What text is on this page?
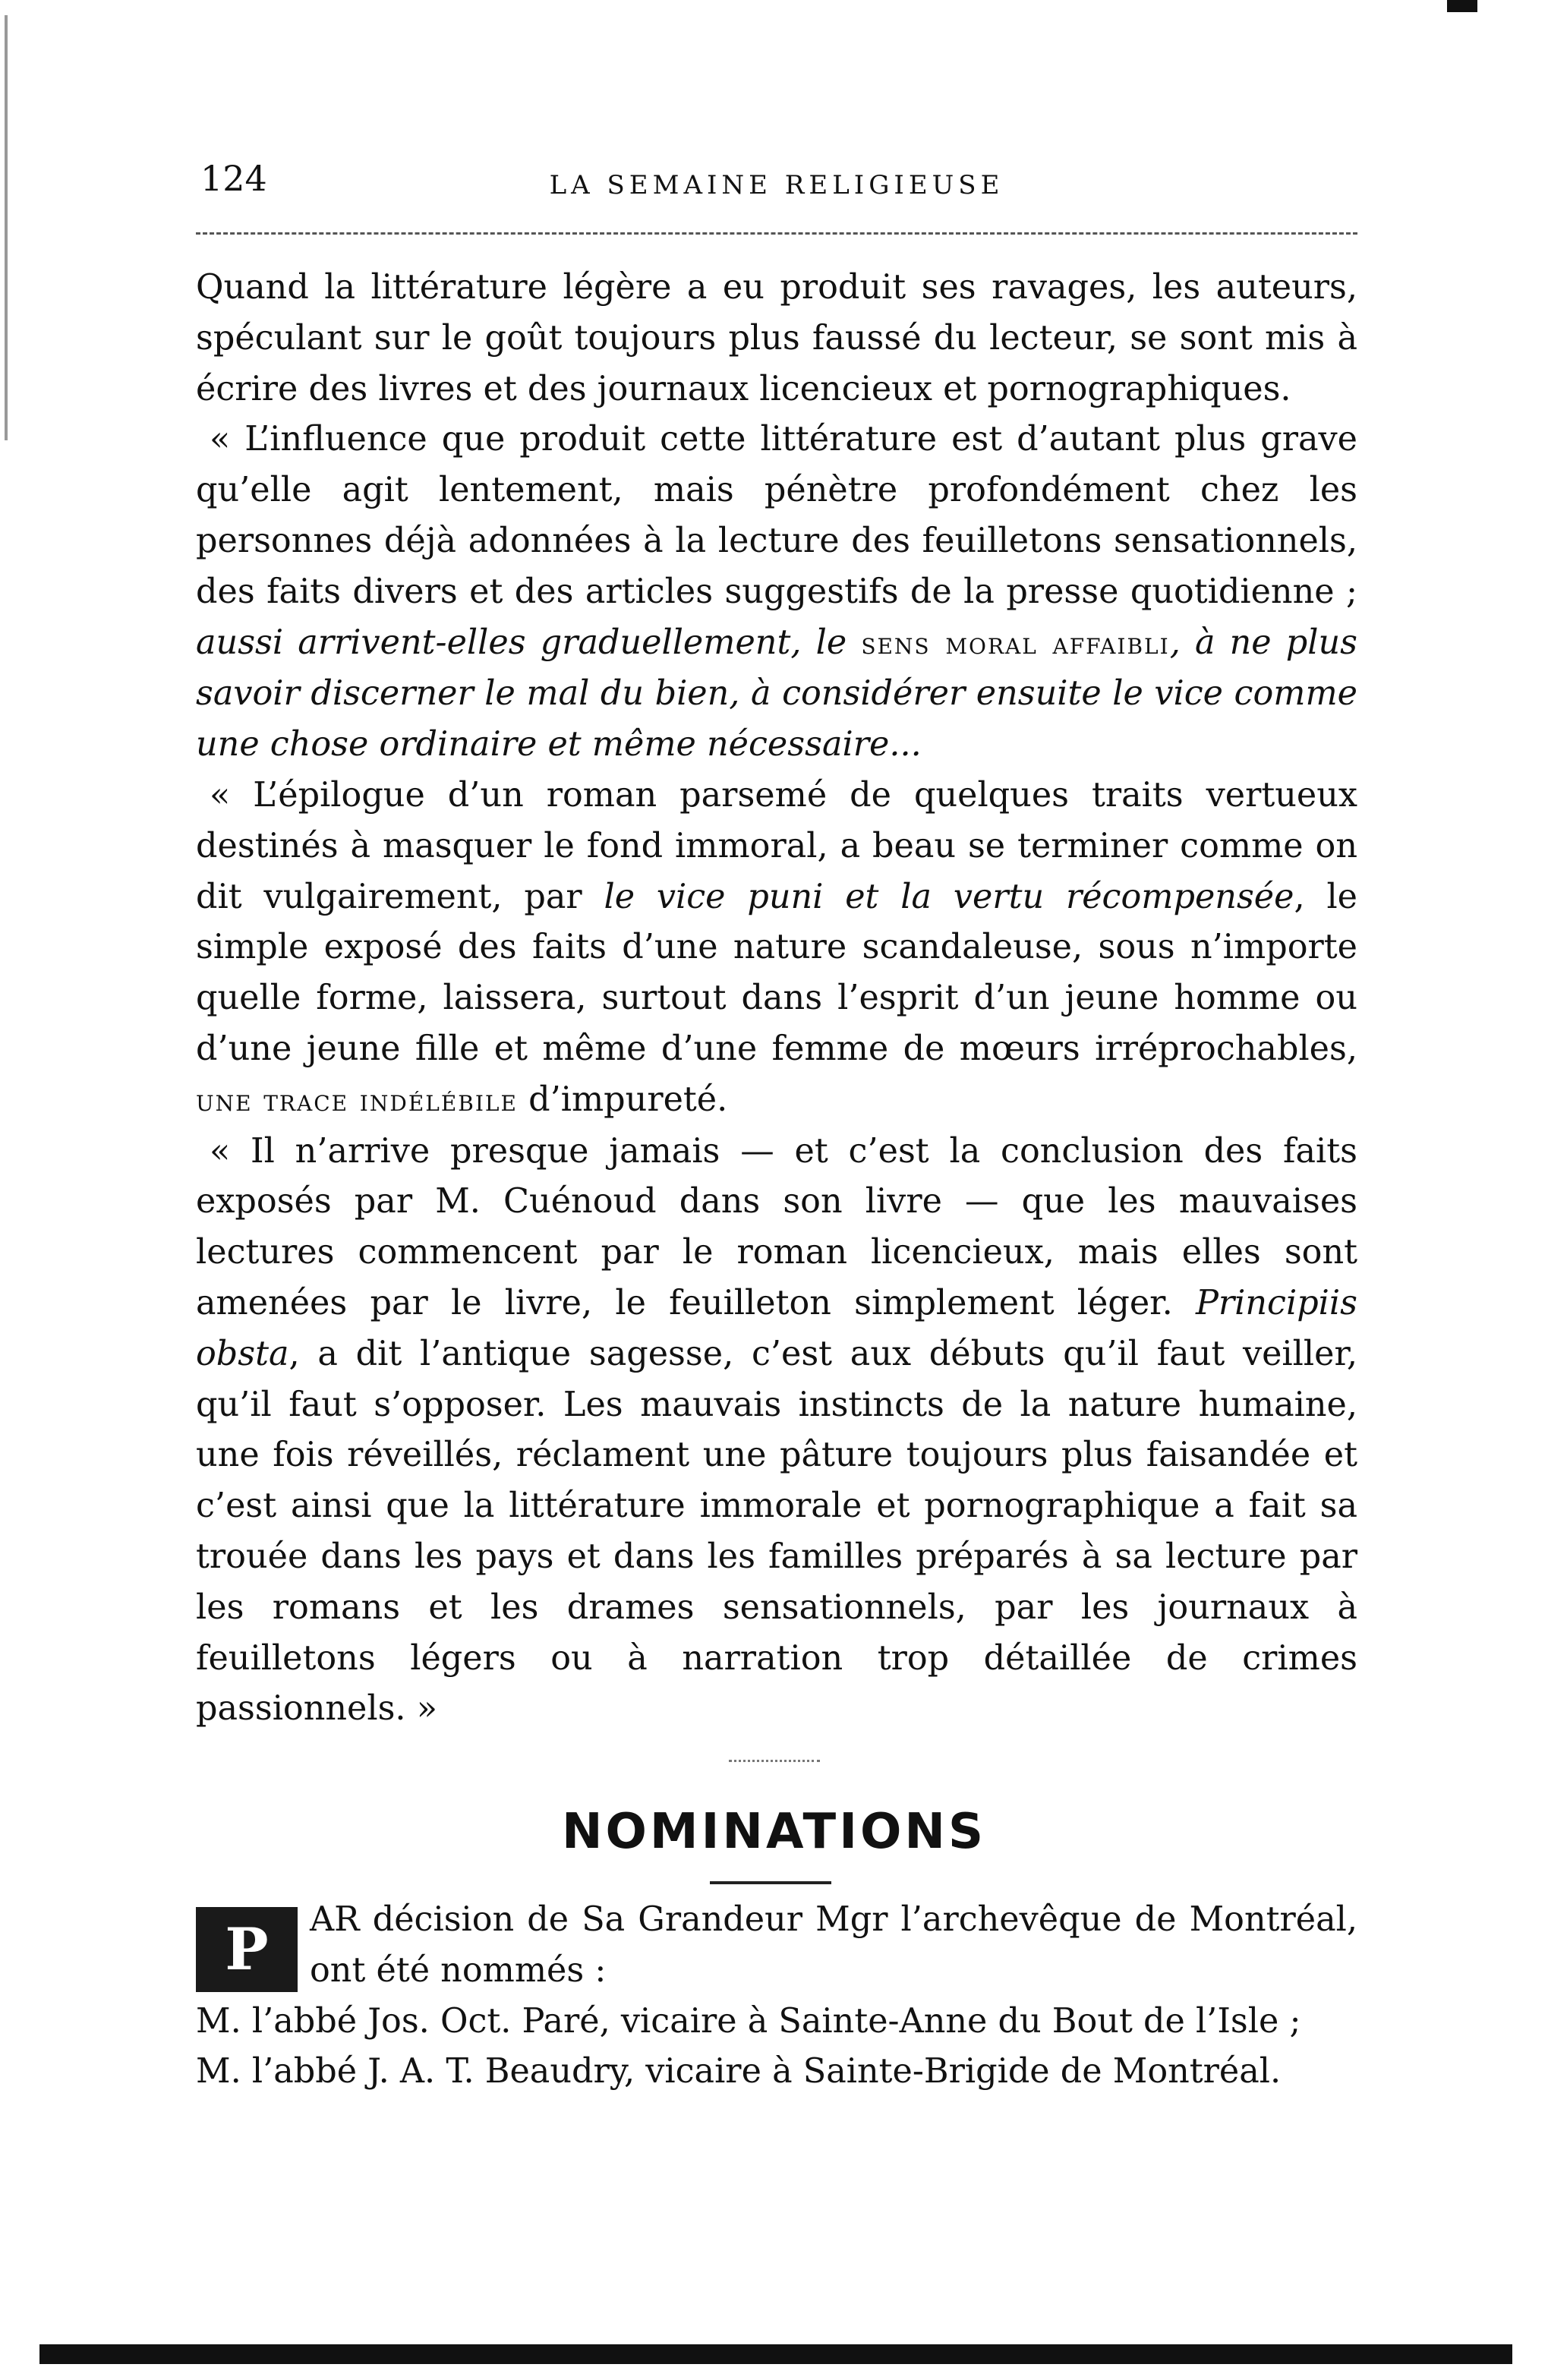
124	LA SEMAINE RELIGIEUSE

Quand la littérature légère a eu produit ses ravages, les auteurs, spéculant sur le goût toujours plus faussé du lecteur, se sont mis à écrire des livres et des journaux licencieux et pornographiques.

« L’influence que produit cette littérature est d’autant plus grave qu’elle agit lentement, mais pénètre profondément chez les personnes déjà adonnées à la lecture des feuilletons sensationnels, des faits divers et des articles suggestifs de la presse quotidienne ; aussi arrivent-elles graduellement, le sens moral affaibli, à ne plus savoir discerner le mal du bien, à considérer ensuite le vice comme une chose ordinaire et même nécessaire...

« L’épilogue d’un roman parsemé de quelques traits vertueux destinés à masquer le fond immoral, a beau se terminer comme on dit vulgairement, par le vice puni et la vertu récompensée, le simple exposé des faits d’une nature scandaleuse, sous n’importe quelle forme, laissera, surtout dans l’esprit d’un jeune homme ou d’une jeune fille et même d’une femme de mœurs irréprochables, une trace indélébile d’impureté.

« Il n’arrive presque jamais — et c’est la conclusion des faits exposés par M. Cuénoud dans son livre — que les mauvaises lectures commencent par le roman licencieux, mais elles sont amenées par le livre, le feuilleton simplement léger. Principiis obsta, a dit l’antique sagesse, c’est aux débuts qu’il faut veiller, qu’il faut s’opposer. Les mauvais instincts de la nature humaine, une fois réveillés, réclament une pâture toujours plus faisandée et c’est ainsi que la littérature immorale et pornographique a fait sa trouée dans les pays et dans les familles préparés à sa lecture par les romans et les drames sensationnels, par les journaux à feuilletons légers ou à narration trop détaillée de crimes passionnels. »

NOMINATIONS
P	AR décision de Sa Grandeur Mgr l’archevêque de Montréal, ont été nommés :

M. l’abbé Jos. Oct. Paré, vicaire à Sainte-Anne du Bout de l’Isle ;

M. l’abbé J. A. T. Beaudry, vicaire à Sainte-Brigide de Montréal.
